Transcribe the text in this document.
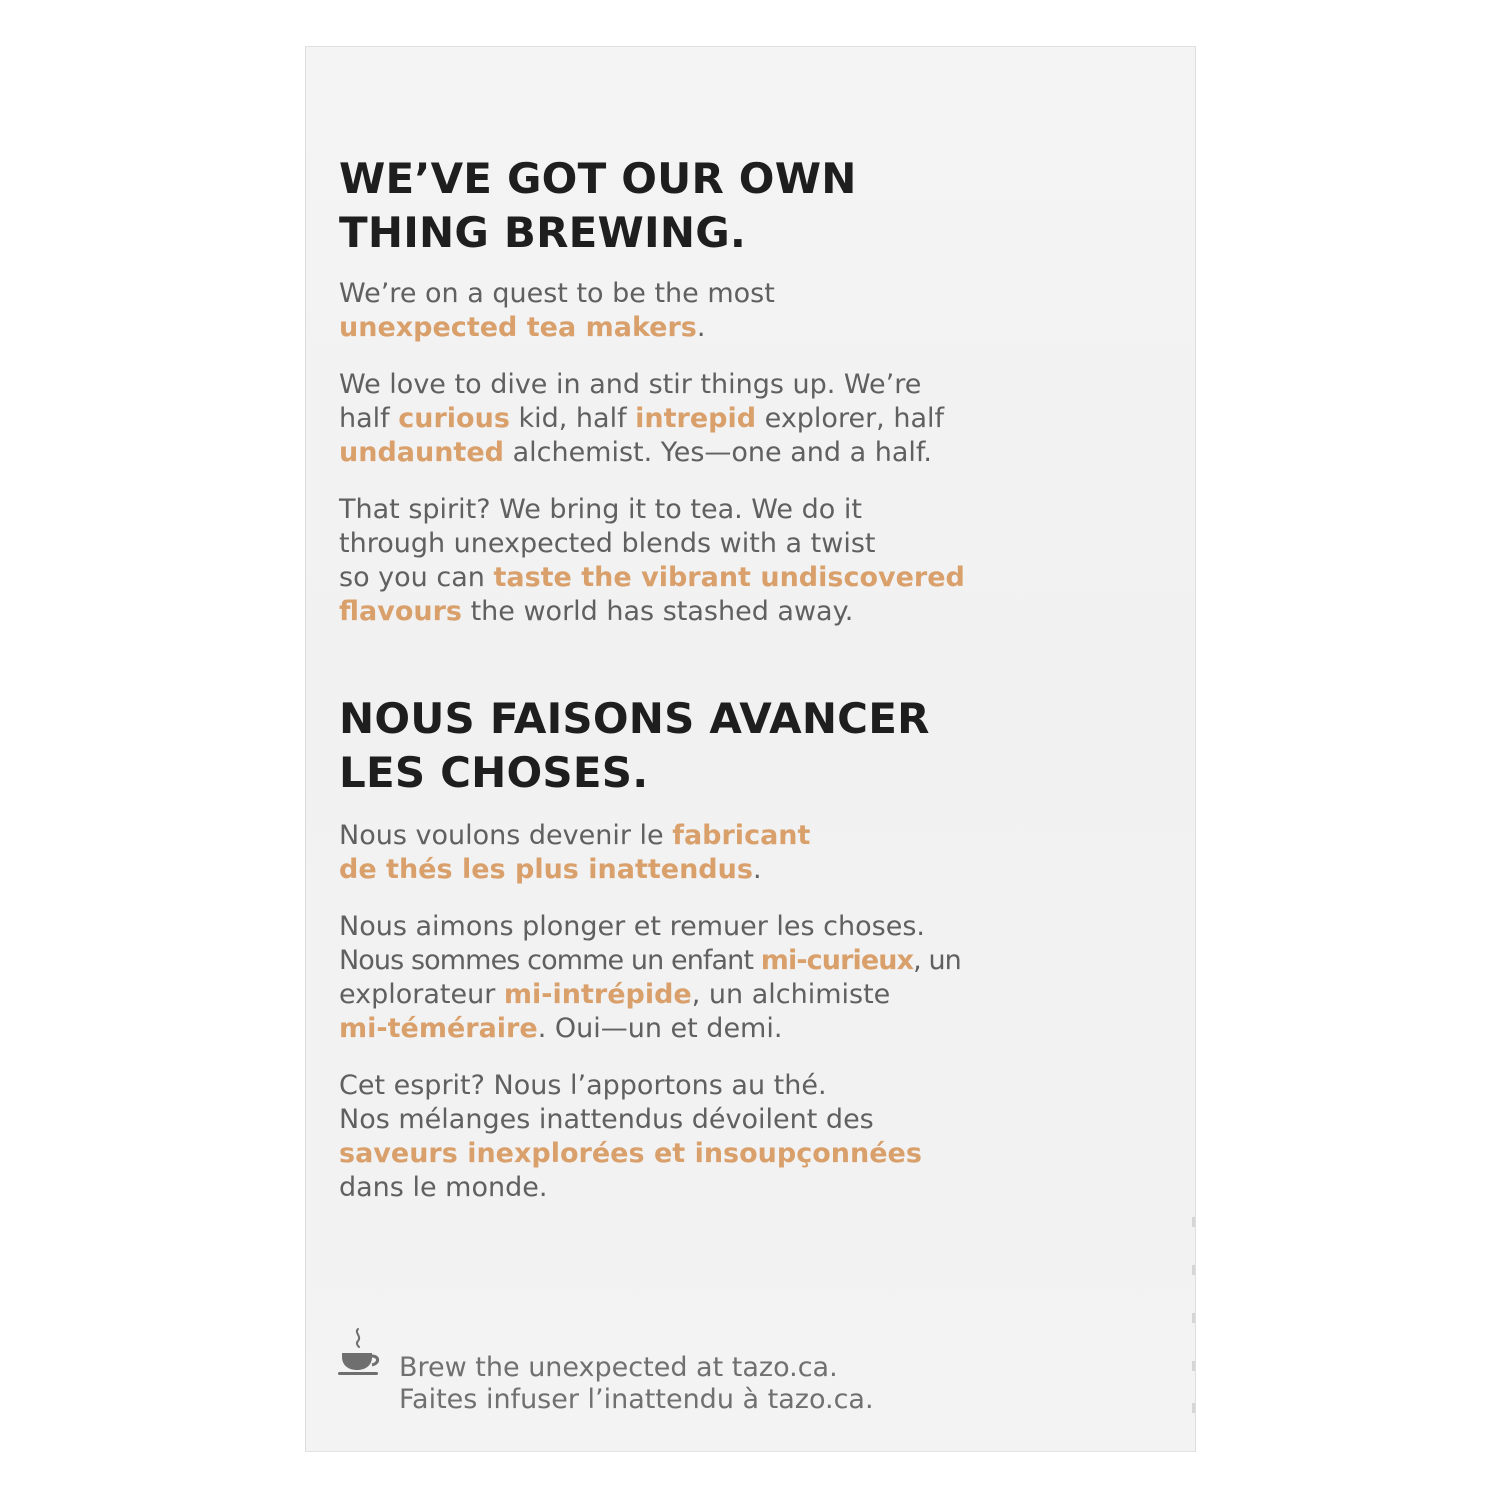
WE’VE GOT OUR OWN
THING BREWING.

We’re on a quest to be the most
unexpected tea makers.

We love to dive in and stir things up. We’re
half curious kid, half intrepid explorer, half
undaunted alchemist. Yes—one and a half.

That spirit? We bring it to tea. We do it
through unexpected blends with a twist
so you can taste the vibrant undiscovered
flavours the world has stashed away.

NOUS FAISONS AVANCER
LES CHOSES.

Nous voulons devenir le fabricant
de thés les plus inattendus.

Nous aimons plonger et remuer les choses.
Nous sommes comme un enfant mi-curieux, un
explorateur mi-intrépide, un alchimiste
mi-téméraire. Oui—un et demi.

Cet esprit? Nous l’apportons au thé.
Nos mélanges inattendus dévoilent des
saveurs inexplorées et insoupçonnées
dans le monde.

Brew the unexpected at tazo.ca.
Faites infuser l’inattendu à tazo.ca.
